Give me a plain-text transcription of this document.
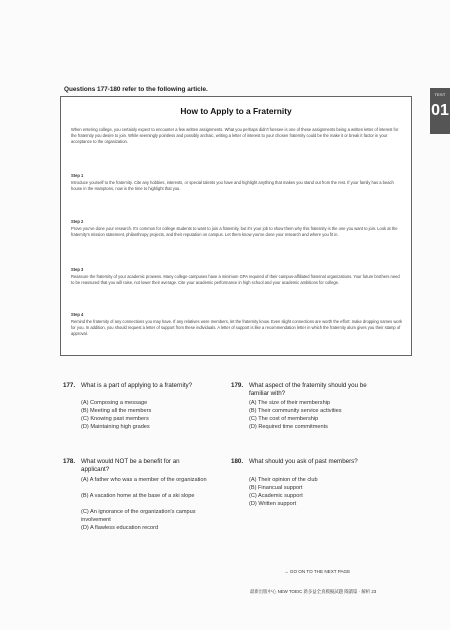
TEST
01
Questions 177-180 refer to the following article.
How to Apply to a Fraternity
When entering college, you certainly expect to encounter a few written assignments. What you perhaps didn't foresee is one of these assignments being a written letter of interest for the fraternity you desire to join. While seemingly pointless and possibly archaic, writing a letter of interest to your chosen fraternity could be the make it or break it factor in your acceptance to the organization.
Step 1
Introduce yourself to the fraternity. Cite any hobbies, interests, or special talents you have and highlight anything that makes you stand out from the rest. If your family has a beach house in the Hamptons, now is the time to highlight that you.
Step 2
Prove you've done your research. It's common for college students to want to join a fraternity, but it's your job to show them why this fraternity is the one you want to join. Look at the fraternity's mission statement, philanthropy projects, and their reputation on campus. Let them know you've done your research and where you fit in.
Step 3
Reassure the fraternity of your academic prowess. Many college campuses have a minimum GPA required of their campus-affiliated fraternal organizations. Your future brothers need to be reassured that you will raise, not lower their average. Cite your academic performance in high school and your academic ambitions for college.
Step 4
Remind the fraternity of any connections you may have. If any relatives were members, let the fraternity know. Even slight connections are worth the effort: make dropping names work for you. In addition, you should request a letter of support from these individuals. A letter of support is like a recommendation letter in which the fraternity alum gives you their stamp of approval.
177. What is a part of applying to a fraternity?
(A) Composing a message
(B) Meeting all the members
(C) Knowing past members
(D) Maintaining high grades
178. What would NOT be a benefit for an applicant?
(A) A father who was a member of the organization
(B) A vacation home at the base of a ski slope
(C) An ignorance of the organization's campus involvement
(D) A flawless education record
179. What aspect of the fraternity should you be familiar with?
(A) The size of their membership
(B) Their community service activities
(C) The cost of membership
(D) Required time commitments
180. What should you ask of past members?
(A) Their opinion of the club
(B) Financual support
(C) Academic support
(D) Written support
→ GO ON TO THE NEXT PAGE
最新出版中心 NEW TOEIC 新多益全真模擬試題 閱讀篇 · 解析 23
